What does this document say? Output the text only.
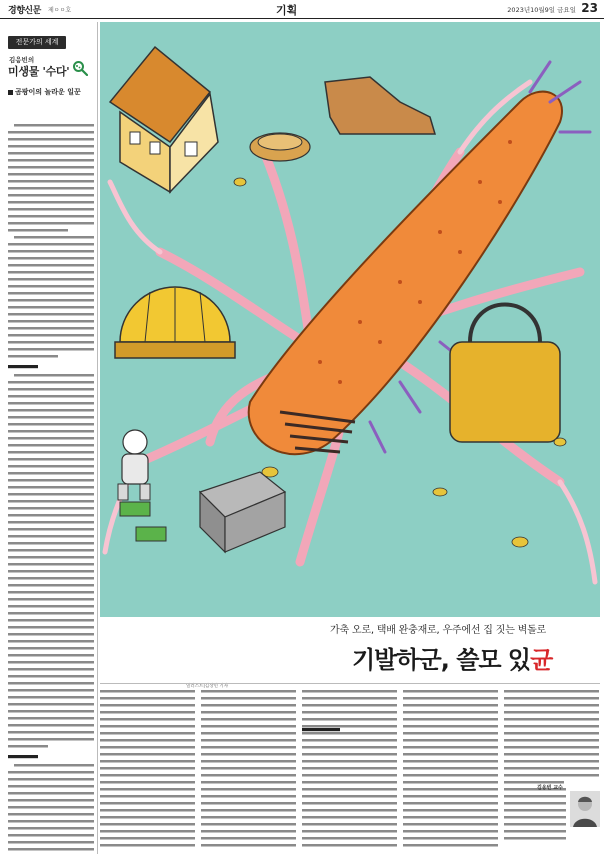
경향신문 제ㅇㅇ호	기획	2023년10월9일 금요일 23
전문가의 세계
김응빈의
미생물 '수다'
곰팡이의 놀라운 일꾼
일러스트|김상민 기자
가축 오로, 택배 완충재로, 우주에선 집 짓는 벽돌로
기발하군, 쓸모 있균
김응빈 교수
